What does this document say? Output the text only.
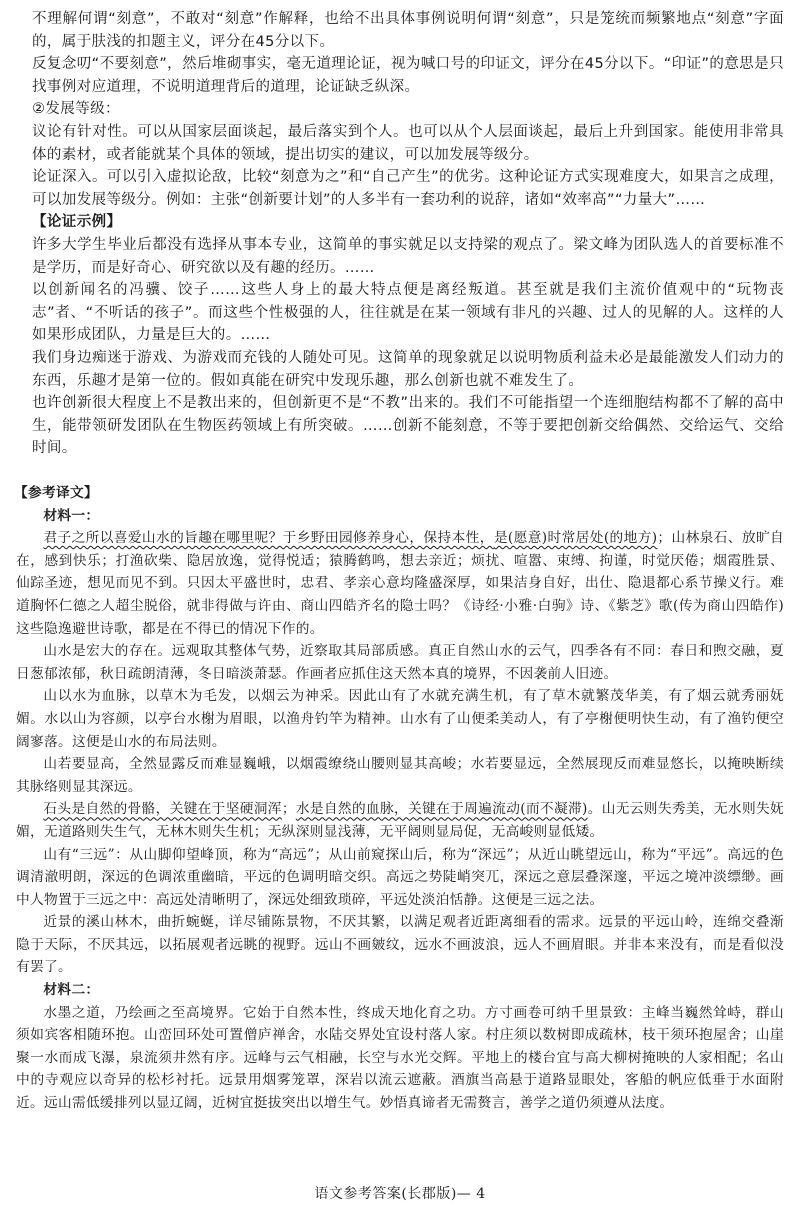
不理解何谓“刻意”，不敢对“刻意”作解释，也给不出具体事例说明何谓“刻意”，只是笼统而频繁地点“刻意”字面的，属于肤浅的扣题主义，评分在45分以下。

反复念叨“不要刻意”，然后堆砌事实，毫无道理论证，视为喊口号的印证文，评分在45分以下。“印证”的意思是只找事例对应道理，不说明道理背后的道理，论证缺乏纵深。

②发展等级：

议论有针对性。可以从国家层面谈起，最后落实到个人。也可以从个人层面谈起，最后上升到国家。能使用非常具体的素材，或者能就某个具体的领域，提出切实的建议，可以加发展等级分。

论证深入。可以引入虚拟论敌，比较“刻意为之”和“自己产生”的优劣。这种论证方式实现难度大，如果言之成理，可以加发展等级分。例如：主张“创新要计划”的人多半有一套功利的说辞，诸如“效率高”“力量大”……

【论证示例】

许多大学生毕业后都没有选择从事本专业，这简单的事实就足以支持梁的观点了。梁文峰为团队选人的首要标准不是学历，而是好奇心、研究欲以及有趣的经历。……

以创新闻名的冯骥、饺子……这些人身上的最大特点便是离经叛道。甚至就是我们主流价值观中的“玩物丧志”者、“不听话的孩子”。而这些个性极强的人，往往就是在某一领域有非凡的兴趣、过人的见解的人。这样的人如果形成团队，力量是巨大的。……

我们身边痴迷于游戏、为游戏而充钱的人随处可见。这简单的现象就足以说明物质利益未必是最能激发人们动力的东西，乐趣才是第一位的。假如真能在研究中发现乐趣，那么创新也就不难发生了。

也许创新很大程度上不是教出来的，但创新更不是“不教”出来的。我们不可能指望一个连细胞结构都不了解的高中生，能带领研发团队在生物医药领域上有所突破。……创新不能刻意，不等于要把创新交给偶然、交给运气、交给时间。

【参考译文】

材料一：

君子之所以喜爱山水的旨趣在哪里呢？于乡野田园修养身心，保持本性，是(愿意)时常居处(的地方)；山林泉石、放旷自在，感到快乐；打渔砍柴、隐居放逸，觉得悦适；猿腾鹤鸣，想去亲近；烦扰、喧嚣、束缚、拘谨，时觉厌倦；烟霞胜景、仙踪圣迹，想见而见不到。只因太平盛世时，忠君、孝亲心意均隆盛深厚，如果洁身自好，出仕、隐退都心系节操义行。难道胸怀仁德之人超尘脱俗，就非得做与许由、商山四皓齐名的隐士吗？《诗经·小雅·白驹》诗、《紫芝》歌(传为商山四皓作)这些隐逸避世诗歌，都是在不得已的情况下作的。

山水是宏大的存在。远观取其整体气势，近察取其局部质感。真正自然山水的云气，四季各有不同：春日和煦交融，夏日葱郁浓郁，秋日疏朗清薄，冬日暗淡萧瑟。作画者应抓住这天然本真的境界，不因袭前人旧迹。

山以水为血脉，以草木为毛发，以烟云为神采。因此山有了水就充满生机，有了草木就繁茂华美，有了烟云就秀丽妩媚。水以山为容颜，以亭台水榭为眉眼，以渔舟钓竿为精神。山水有了山便柔美动人，有了亭榭便明快生动，有了渔钓便空阔寥落。这便是山水的布局法则。

山若要显高，全然显露反而难显巍峨，以烟霞缭绕山腰则显其高峻；水若要显远，全然展现反而难显悠长，以掩映断续其脉络则显其深远。

石头是自然的骨骼，关键在于坚硬洞浑；水是自然的血脉，关键在于周遍流动(而不凝滞)。山无云则失秀美，无水则失妩媚，无道路则失生气，无林木则失生机；无纵深则显浅薄，无平阔则显局促，无高峻则显低矮。

山有“三远”：从山脚仰望峰顶，称为“高远”；从山前窥探山后，称为“深远”；从近山眺望远山，称为“平远”。高远的色调清澈明朗，深远的色调浓重幽暗，平远的色调明暗交织。高远之势陡峭突兀，深远之意层叠深邃，平远之境冲淡缥缈。画中人物置于三远之中：高远处清晰明了，深远处细致琐碎，平远处淡泊恬静。这便是三远之法。

近景的溪山林木，曲折蜿蜒，详尽铺陈景物，不厌其繁，以满足观者近距离细看的需求。远景的平远山岭，连绵交叠渐隐于天际，不厌其远，以拓展观者远眺的视野。远山不画皴纹，远水不画波浪，远人不画眉眼。并非本来没有，而是看似没有罢了。

材料二：

水墨之道，乃绘画之至高境界。它始于自然本性，终成天地化育之功。方寸画卷可纳千里景致：主峰当巍然耸峙，群山须如宾客相随环抱。山峦回环处可置僧庐禅舍，水陆交界处宜设村落人家。村庄须以数树即成疏林，枝干须环抱屋舍；山崖聚一水而成飞瀑，泉流须井然有序。远峰与云气相融，长空与水光交辉。平地上的楼台宜与高大柳树掩映的人家相配；名山中的寺观应以奇异的松杉衬托。远景用烟雾笼罩，深岩以流云遮蔽。酒旗当高悬于道路显眼处，客船的帆应低垂于水面附近。远山需低缓排列以显辽阔，近树宜挺拔突出以增生气。妙悟真谛者无需赘言，善学之道仍须遵从法度。

语文参考答案(长郡版)— 4
